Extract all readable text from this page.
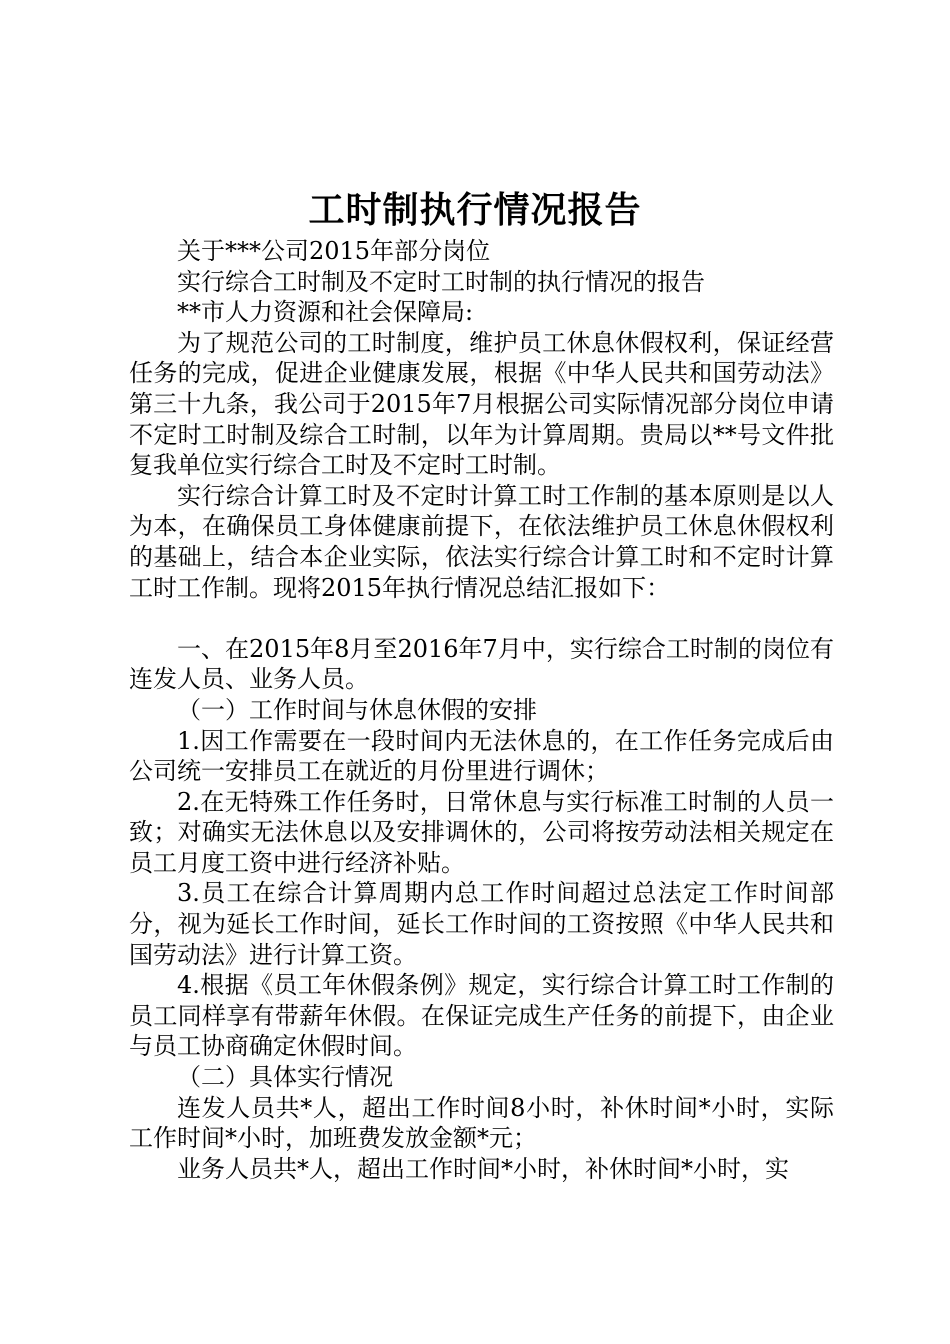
工时制执行情况报告

关于***公司2015年部分岗位

实行综合工时制及不定时工时制的执行情况的报告

**市人力资源和社会保障局:

为了规范公司的工时制度，维护员工休息休假权利，保证经营任务的完成，促进企业健康发展，根据《中华人民共和国劳动法》第三十九条，我公司于2015年7月根据公司实际情况部分岗位申请不定时工时制及综合工时制，以年为计算周期。贵局以**号文件批复我单位实行综合工时及不定时工时制。

实行综合计算工时及不定时计算工时工作制的基本原则是以人为本，在确保员工身体健康前提下，在依法维护员工休息休假权利的基础上，结合本企业实际，依法实行综合计算工时和不定时计算工时工作制。现将2015年执行情况总结汇报如下：

一、在2015年8月至2016年7月中，实行综合工时制的岗位有连发人员、业务人员。

（一）工作时间与休息休假的安排

1.因工作需要在一段时间内无法休息的，在工作任务完成后由公司统一安排员工在就近的月份里进行调休；

2.在无特殊工作任务时，日常休息与实行标准工时制的人员一致；对确实无法休息以及安排调休的，公司将按劳动法相关规定在员工月度工资中进行经济补贴。

3.员工在综合计算周期内总工作时间超过总法定工作时间部分，视为延长工作时间，延长工作时间的工资按照《中华人民共和国劳动法》进行计算工资。

4.根据《员工年休假条例》规定，实行综合计算工时工作制的员工同样享有带薪年休假。在保证完成生产任务的前提下，由企业与员工协商确定休假时间。

（二）具体实行情况

连发人员共*人，超出工作时间8小时，补休时间*小时，实际工作时间*小时，加班费发放金额*元；

业务人员共*人，超出工作时间*小时，补休时间*小时，实
